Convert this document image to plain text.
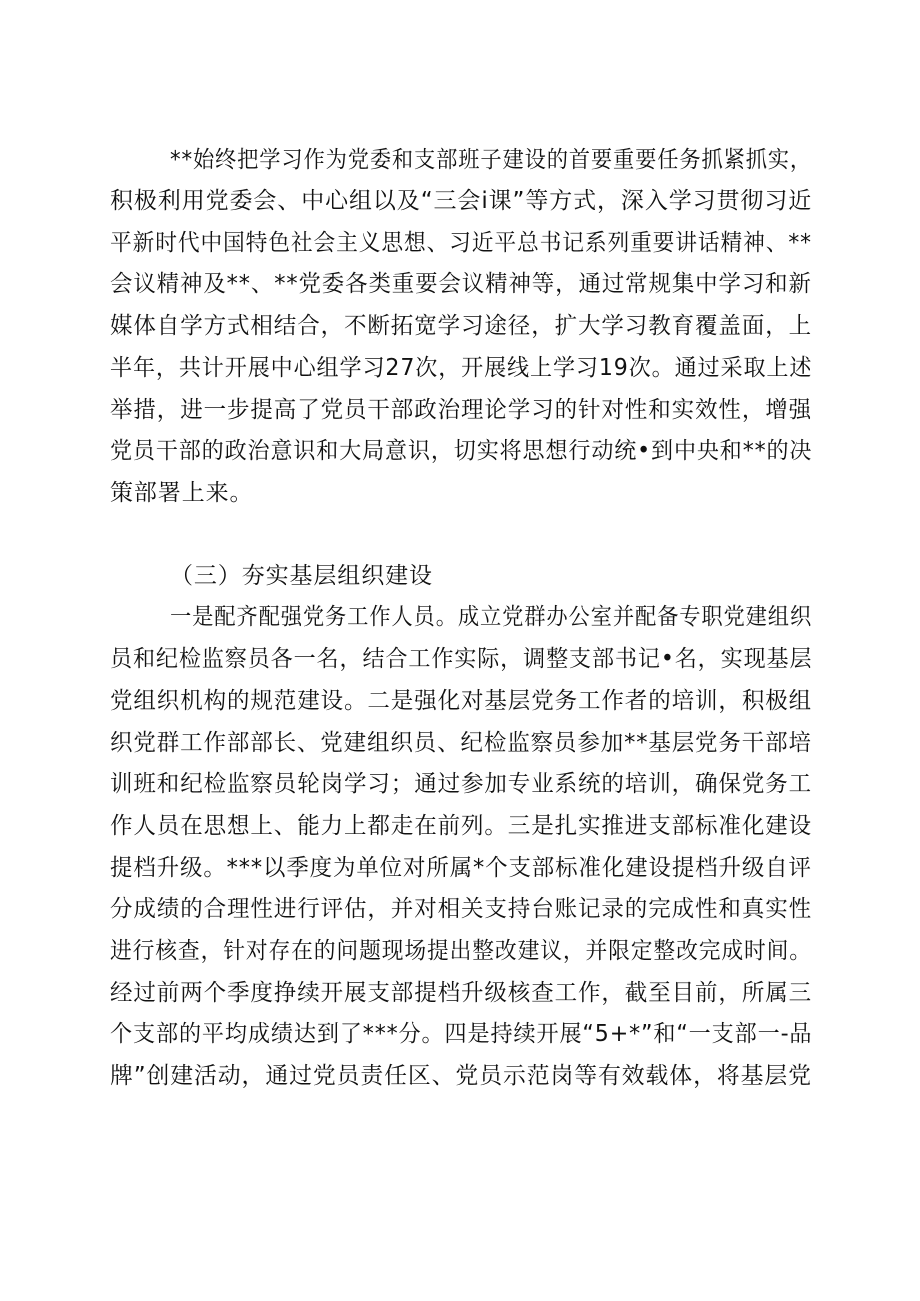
**始终把学习作为党委和支部班子建设的首要重要任务抓紧抓实，
积极利用党委会、中心组以及“三会i课”等方式，深入学习贯彻习近
平新时代中国特色社会主义思想、习近平总书记系列重要讲话精神、**
会议精神及**、**党委各类重要会议精神等，通过常规集中学习和新
媒体自学方式相结合，不断拓宽学习途径，扩大学习教育覆盖面，上
半年，共计开展中心组学习27次，开展线上学习19次。通过采取上述
举措，进一步提高了党员干部政治理论学习的针对性和实效性，增强
党员干部的政治意识和大局意识，切实将思想行动统•到中央和**的决
策部署上来。
（三）夯实基层组织建设
一是配齐配强党务工作人员。成立党群办公室并配备专职党建组织
员和纪检监察员各一名，结合工作实际，调整支部书记•名，实现基层
党组织机构的规范建设。二是强化对基层党务工作者的培训，积极组
织党群工作部部长、党建组织员、纪检监察员参加**基层党务干部培
训班和纪检监察员轮岗学习；通过参加专业系统的培训，确保党务工
作人员在思想上、能力上都走在前列。三是扎实推进支部标准化建设
提档升级。***以季度为单位对所属*个支部标准化建设提档升级自评
分成绩的合理性进行评估，并对相关支持台账记录的完成性和真实性
进行核查，针对存在的问题现场提出整改建议，并限定整改完成时间。
经过前两个季度挣续开展支部提档升级核查工作，截至目前，所属三
个支部的平均成绩达到了***分。四是持续开展“5+*”和“一支部一-品
牌”创建活动，通过党员责任区、党员示范岗等有效载体，将基层党
